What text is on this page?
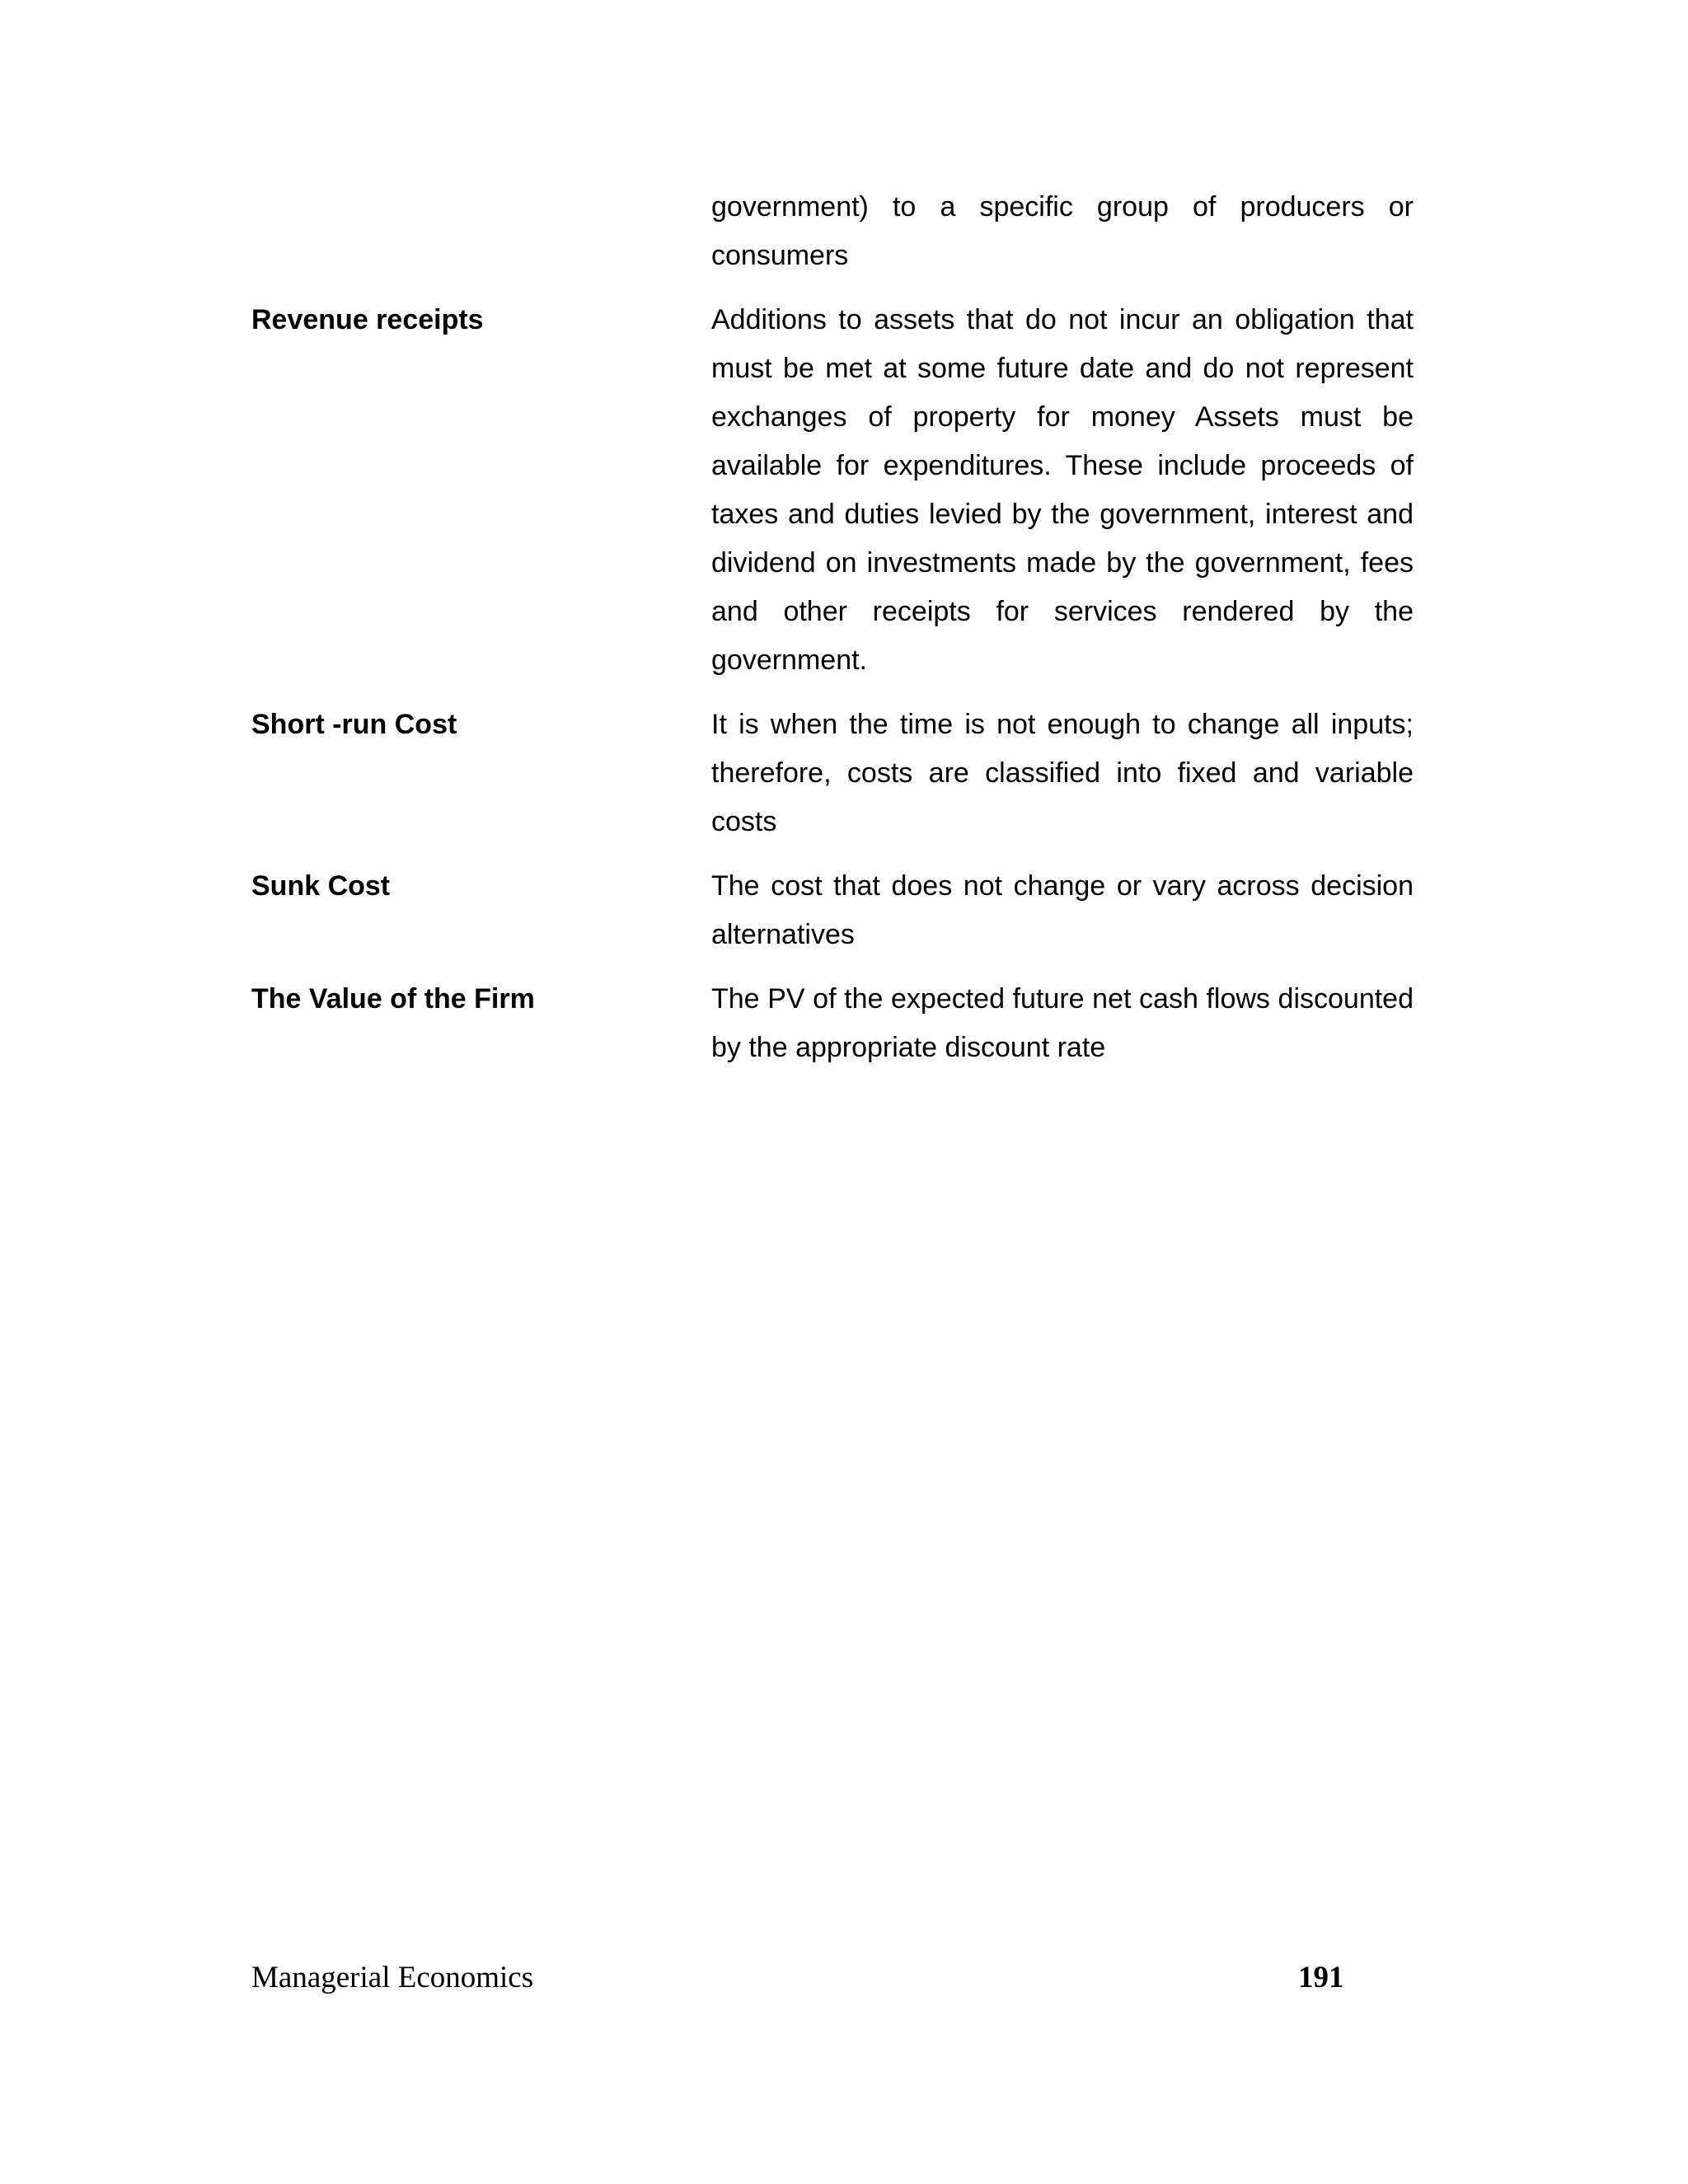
government) to a specific group of producers or consumers
Revenue receipts	Additions to assets that do not incur an obligation that must be met at some future date and do not represent exchanges of property for money Assets must be available for expenditures. These include proceeds of taxes and duties levied by the government, interest and dividend on investments made by the government, fees and other receipts for services rendered by the government.
Short -run Cost	It is when the time is not enough to change all inputs; therefore, costs are classified into fixed and variable costs
Sunk Cost	The cost that does not change or vary across decision alternatives
The Value of the Firm	The PV of the expected future net cash flows discounted by the appropriate discount rate
Managerial Economics	191
